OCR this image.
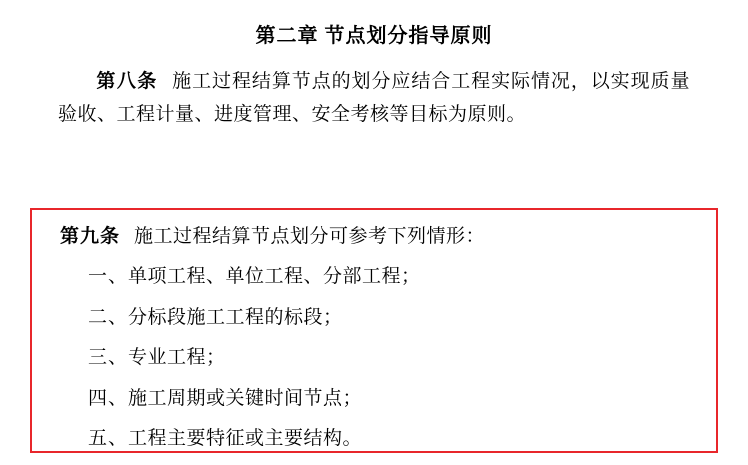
第二章 节点划分指导原则

第八条 施工过程结算节点的划分应结合工程实际情况，以实现质量验收、工程计量、进度管理、安全考核等目标为原则。

第九条 施工过程结算节点划分可参考下列情形：

一、单项工程、单位工程、分部工程；

二、分标段施工工程的标段；

三、专业工程；

四、施工周期或关键时间节点；

五、工程主要特征或主要结构。
